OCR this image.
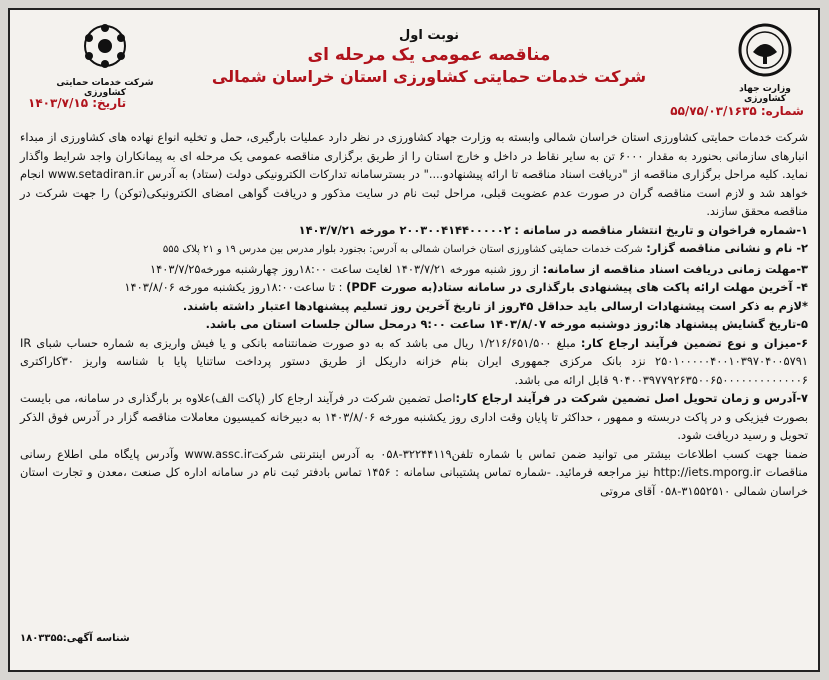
وزارت جهاد کشاورزی
شرکت خدمات حمایتی کشاورزی
نوبت اول
مناقصه عمومی یک مرحله ای
شرکت خدمات حمایتی کشاورزی استان خراسان شمالی
شماره: ۵۵/۷۵/۰۳/۱۶۳۵
تاریخ: ۱۴۰۳/۷/۱۵

شرکت خدمات حمایتی کشاورزی استان خراسان شمالی وابسته به وزارت جهاد کشاورزی در نظر دارد عملیات بارگیری، حمل و تخلیه انواع نهاده های کشاورزی از مبداء انبارهای سازمانی بحنورد به مقدار ۶۰۰۰ تن به سایر نقاط در داخل و خارج استان را از طریق برگزاری مناقصه عمومی یک مرحله ای به پیمانکاران واجد شرایط واگذار نماید. کلیه مراحل برگزاری مناقصه از "دریافت اسناد مناقصه تا ارائه پیشنهادو...." در بسترسامانه تدارکات الکترونیکی دولت (ستاد) به آدرس www.setadiran.ir انجام خواهد شد و لازم است مناقصه گران در صورت عدم عضویت قبلی، مراحل ثبت نام در سایت مذکور و دریافت گواهی امضای الکترونیکی(توکن) را جهت شرکت در مناقصه محقق سازند.

۱-شماره فراخوان و تاریخ انتشار مناقصه در سامانه : ۲۰۰۳۰۰۴۱۴۴۰۰۰۰۰۲ مورخه ۱۴۰۳/۷/۲۱

۲- نام و نشانی مناقصه گزار: شرکت خدمات حمایتی کشاورزی استان خراسان شمالی به آدرس: بجنورد بلوار مدرس بین مدرس ۱۹ و ۲۱ پلاک ۵۵۵

۳-مهلت زمانی دریافت اسناد مناقصه از سامانه: از روز شنبه مورخه ۱۴۰۳/۷/۲۱ لغایت ساعت ۱۸:۰۰روز چهارشنبه مورخه۱۴۰۳/۷/۲۵

۴- آخرین مهلت ارائه پاکت های پیشنهادی بارگذاری در سامانه ستاد(به صورت PDF) : تا ساعت۱۸:۰۰روز یکشنبه مورخه ۱۴۰۳/۸/۰۶

*لازم به ذکر است پیشنهادات ارسالی باید حداقل ۴۵روز از تاریخ آخرین روز تسلیم پیشنهادها اعتبار داشته باشند.

۵-تاریخ گشایش پیشنهاد ها:روز دوشنبه مورخه ۱۴۰۳/۸/۰۷ ساعت ۹:۰۰ درمحل سالن جلسات استان می باشد.

۶-میزان و نوع تضمین فرآیند ارجاع کار: مبلغ ۱/۲۱۶/۶۵۱/۵۰۰ ریال می باشد که به دو صورت ضمانتنامه بانکی و یا فیش واریزی به شماره حساب شبای IR ۲۵۰۱۰۰۰۰۰۴۰۰۱۰۳۹۷۰۴۰۰۵۷۹۱ نزد بانک مرکزی جمهوری ایران بنام خزانه داریکل از طریق دستور پرداخت ساتنایا پایا با شناسه واریز ۳۰کاراکتری ۹۰۴۰۰۳۹۷۷۹۲۶۳۵۰۰۶۵۰۰۰۰۰۰۰۰۰۰۰۰۰۶ قابل ارائه می باشد.

۷-آدرس و زمان تحویل اصل تضمین شرکت در فرآیند ارجاع کار:اصل تضمین شرکت در فرآیند ارجاع کار (پاکت الف)علاوه بر بارگذاری در سامانه، می بایست بصورت فیزیکی و در پاکت دربسته و ممهور ، حداکثر تا پایان وقت اداری روز یکشنبه مورخه ۱۴۰۳/۸/۰۶ به دبیرخانه کمیسیون معاملات مناقصه گزار در آدرس فوق الذکر تحویل و رسید دریافت شود.

ضمنا جهت کسب اطلاعات بیشتر می توانید ضمن تماس با شماره تلفن۳۲۲۴۴۱۱۹-۰۵۸ به آدرس اینترنتی شرکتwww.assc.ir وآدرس پایگاه ملی اطلاع رسانی مناقصات http://iets.mporg.ir نیز مراجعه فرمائید. -شماره تماس پشتیبانی سامانه : ۱۴۵۶ تماس بادفتر ثبت نام در سامانه اداره کل صنعت ،معدن و تجارت استان خراسان شمالی ۳۱۵۵۲۵۱۰-۰۵۸ آقای مروتی

شناسه آگهی:۱۸۰۳۳۵۵
